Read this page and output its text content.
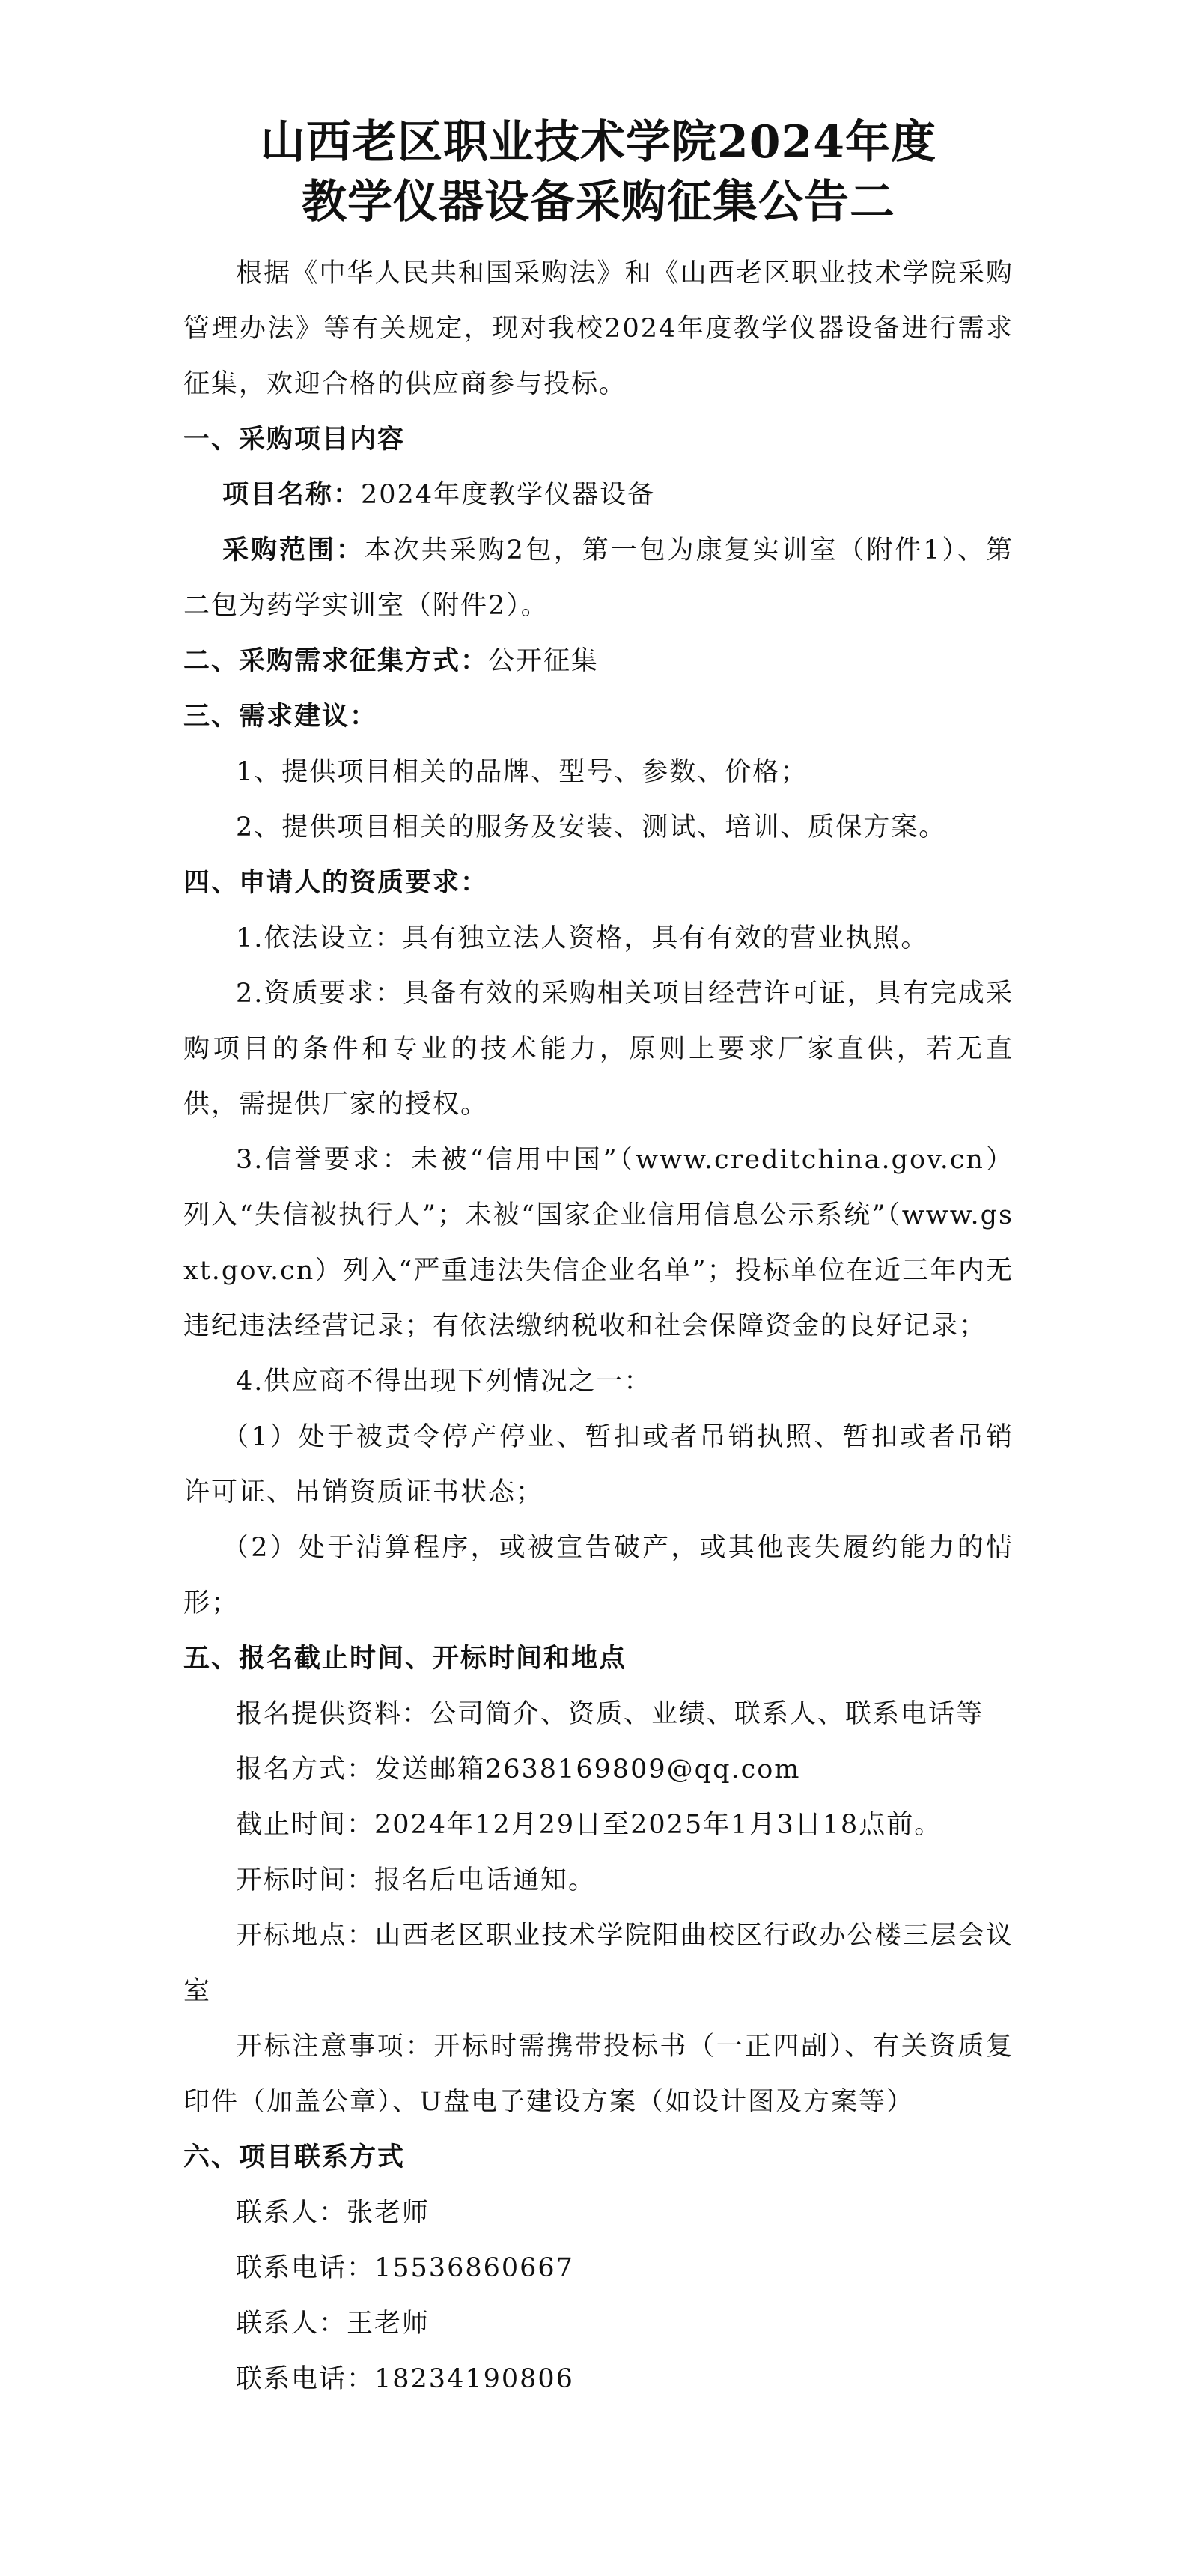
山西老区职业技术学院2024年度
教学仪器设备采购征集公告二

根据《中华人民共和国采购法》和《山西老区职业技术学院采购管理办法》等有关规定，现对我校2024年度教学仪器设备进行需求征集，欢迎合格的供应商参与投标。

一、采购项目内容

项目名称：2024年度教学仪器设备

采购范围：本次共采购2包，第一包为康复实训室（附件1）、第二包为药学实训室（附件2）。

二、采购需求征集方式：公开征集

三、需求建议：

1、提供项目相关的品牌、型号、参数、价格；

2、提供项目相关的服务及安装、测试、培训、质保方案。

四、申请人的资质要求：

1.依法设立：具有独立法人资格，具有有效的营业执照。

2.资质要求：具备有效的采购相关项目经营许可证，具有完成采购项目的条件和专业的技术能力，原则上要求厂家直供，若无直供，需提供厂家的授权。

3.信誉要求：未被“信用中国”（www.creditchina.gov.cn）列入“失信被执行人”；未被“国家企业信用信息公示系统”（www.gsxt.gov.cn）列入“严重违法失信企业名单”；投标单位在近三年内无违纪违法经营记录；有依法缴纳税收和社会保障资金的良好记录；

4.供应商不得出现下列情况之一：

（1）处于被责令停产停业、暂扣或者吊销执照、暂扣或者吊销许可证、吊销资质证书状态；

（2）处于清算程序，或被宣告破产，或其他丧失履约能力的情形；

五、报名截止时间、开标时间和地点

报名提供资料：公司简介、资质、业绩、联系人、联系电话等

报名方式：发送邮箱2638169809@qq.com

截止时间：2024年12月29日至2025年1月3日18点前。

开标时间：报名后电话通知。

开标地点：山西老区职业技术学院阳曲校区行政办公楼三层会议室

开标注意事项：开标时需携带投标书（一正四副）、有关资质复印件（加盖公章）、U盘电子建设方案（如设计图及方案等）

六、项目联系方式

联系人：张老师

联系电话：15536860667

联系人：王老师

联系电话：18234190806
